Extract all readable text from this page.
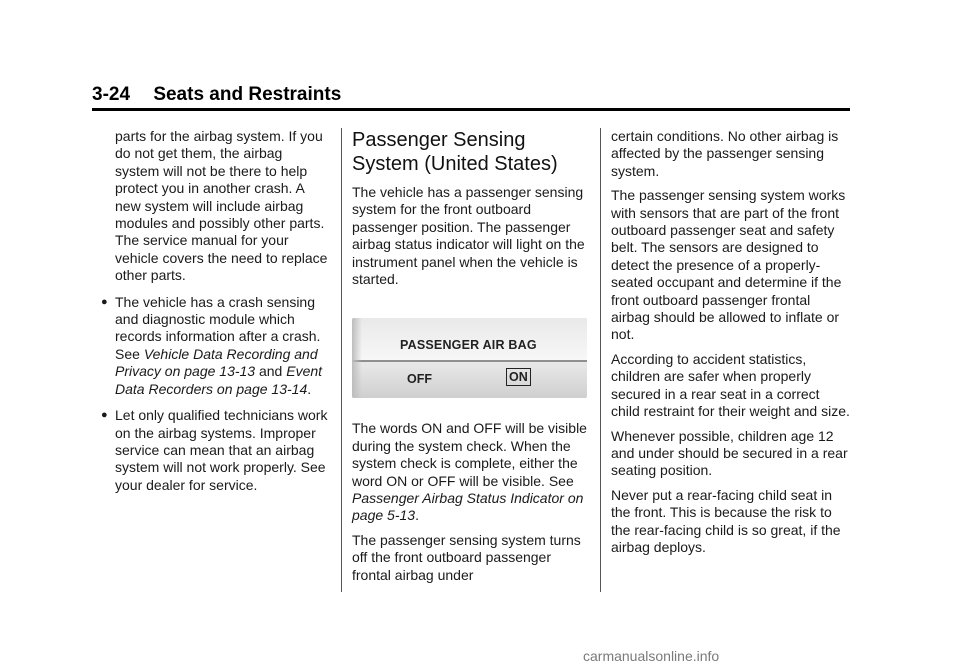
3-24 Seats and Restraints

parts for the airbag system. If you do not get them, the airbag system will not be there to help protect you in another crash. A new system will include airbag modules and possibly other parts. The service manual for your vehicle covers the need to replace other parts.

● The vehicle has a crash sensing and diagnostic module which records information after a crash. See Vehicle Data Recording and Privacy on page 13-13 and Event Data Recorders on page 13-14.
● Let only qualified technicians work on the airbag systems. Improper service can mean that an airbag system will not work properly. See your dealer for service.
Passenger Sensing System (United States)

The vehicle has a passenger sensing system for the front outboard passenger position. The passenger airbag status indicator will light on the instrument panel when the vehicle is started.

PASSENGER AIR BAG
OFF	ON

The words ON and OFF will be visible during the system check. When the system check is complete, either the word ON or OFF will be visible. See Passenger Airbag Status Indicator on page 5-13.

The passenger sensing system turns off the front outboard passenger frontal airbag under

certain conditions. No other airbag is affected by the passenger sensing system.

The passenger sensing system works with sensors that are part of the front outboard passenger seat and safety belt. The sensors are designed to detect the presence of a properly-seated occupant and determine if the front outboard passenger frontal airbag should be allowed to inflate or not.

According to accident statistics, children are safer when properly secured in a rear seat in a correct child restraint for their weight and size.

Whenever possible, children age 12 and under should be secured in a rear seating position.

Never put a rear-facing child seat in the front. This is because the risk to the rear-facing child is so great, if the airbag deploys.

carmanualsonline.info
